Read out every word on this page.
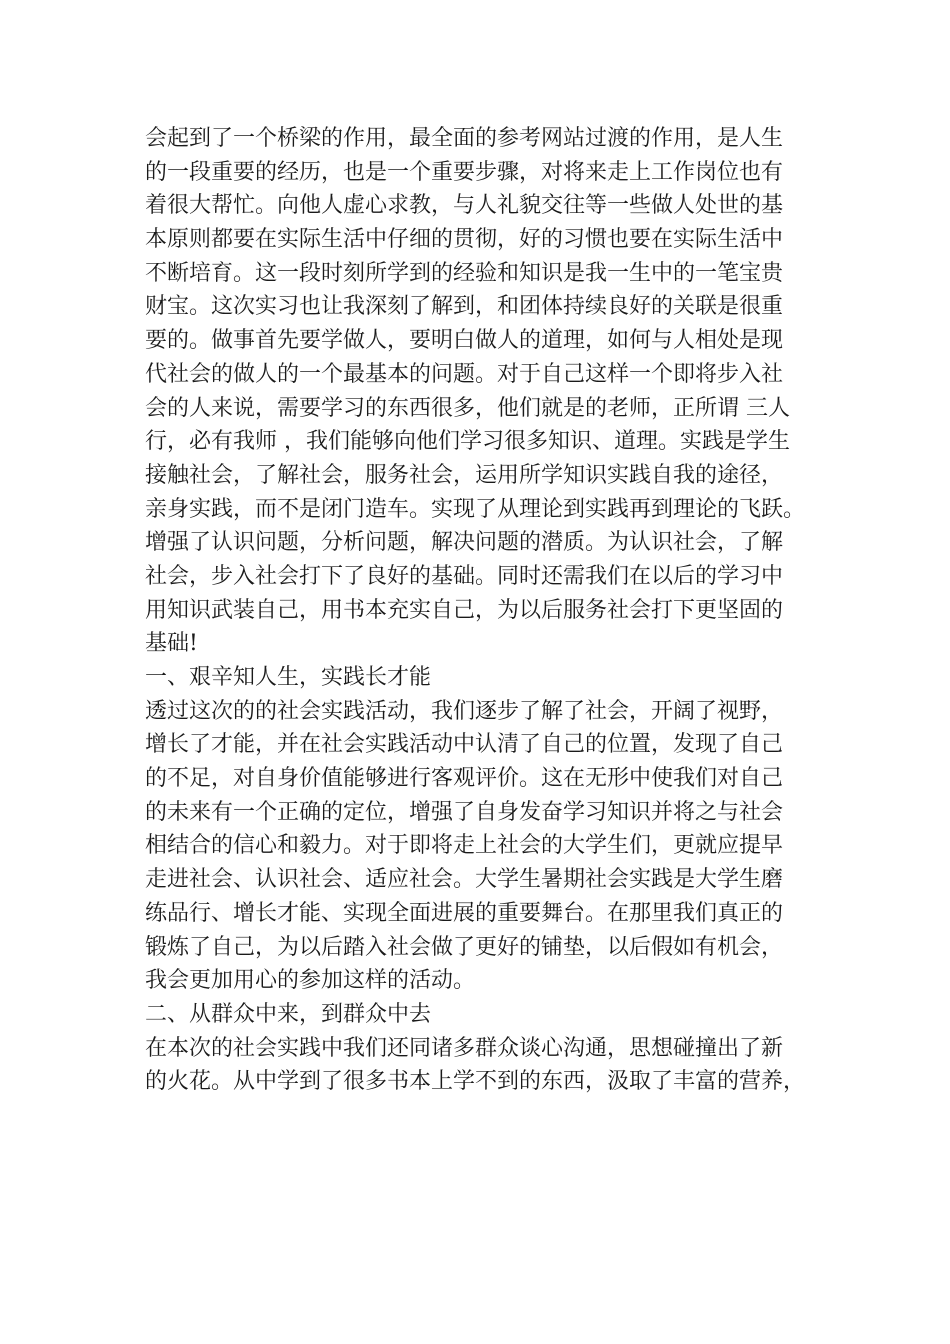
会起到了一个桥梁的作用，最全面的参考网站过渡的作用，是人生
的一段重要的经历，也是一个重要步骤，对将来走上工作岗位也有
着很大帮忙。向他人虚心求教，与人礼貌交往等一些做人处世的基
本原则都要在实际生活中仔细的贯彻，好的习惯也要在实际生活中
不断培育。这一段时刻所学到的经验和知识是我一生中的一笔宝贵
财宝。这次实习也让我深刻了解到，和团体持续良好的关联是很重
要的。做事首先要学做人，要明白做人的道理，如何与人相处是现
代社会的做人的一个最基本的问题。对于自己这样一个即将步入社
会的人来说，需要学习的东西很多，他们就是的老师，正所谓 三人
行，必有我师 ，我们能够向他们学习很多知识、道理。实践是学生
接触社会，了解社会，服务社会，运用所学知识实践自我的途径，
亲身实践，而不是闭门造车。实现了从理论到实践再到理论的飞跃。
增强了认识问题，分析问题，解决问题的潜质。为认识社会，了解
社会，步入社会打下了良好的基础。同时还需我们在以后的学习中
用知识武装自己，用书本充实自己，为以后服务社会打下更坚固的
基础!
一、艰辛知人生，实践长才能
透过这次的的社会实践活动，我们逐步了解了社会，开阔了视野，
增长了才能，并在社会实践活动中认清了自己的位置，发现了自己
的不足，对自身价值能够进行客观评价。这在无形中使我们对自己
的未来有一个正确的定位，增强了自身发奋学习知识并将之与社会
相结合的信心和毅力。对于即将走上社会的大学生们，更就应提早
走进社会、认识社会、适应社会。大学生暑期社会实践是大学生磨
练品行、增长才能、实现全面进展的重要舞台。在那里我们真正的
锻炼了自己，为以后踏入社会做了更好的铺垫，以后假如有机会，
我会更加用心的参加这样的活动。
二、从群众中来，到群众中去
在本次的社会实践中我们还同诸多群众谈心沟通，思想碰撞出了新
的火花。从中学到了很多书本上学不到的东西，汲取了丰富的营养，
